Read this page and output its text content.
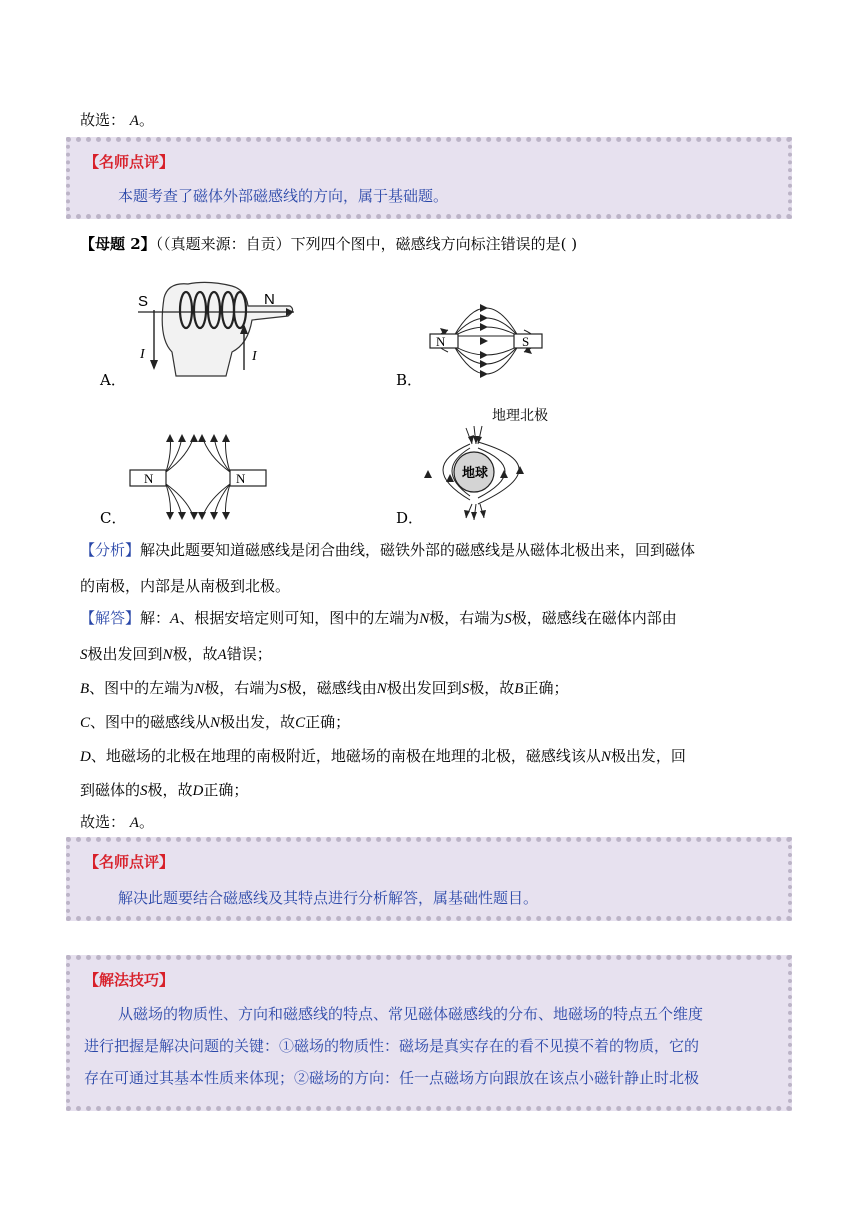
故选： A。
【名师点评】
本题考查了磁体外部磁感线的方向，属于基础题。
【母题 2】（（真题来源：自贡）下列四个图中，磁感线方向标注错误的是( )
S	N
I	I
A．
N	S
B．
N	N
C．
地理北极
地球
D．
【分析】解决此题要知道磁感线是闭合曲线，磁铁外部的磁感线是从磁体北极出来，回到磁体
的南极，内部是从南极到北极。
【解答】解：A、根据安培定则可知，图中的左端为N极，右端为S极，磁感线在磁体内部由
S极出发回到N极，故A错误；
B、图中的左端为N极，右端为S极，磁感线由N极出发回到S极，故B正确；
C、图中的磁感线从N极出发，故C正确；
D、地磁场的北极在地理的南极附近，地磁场的南极在地理的北极，磁感线该从N极出发，回
到磁体的S极，故D正确；
故选： A。
【名师点评】
解决此题要结合磁感线及其特点进行分析解答，属基础性题目。
【解法技巧】
从磁场的物质性、方向和磁感线的特点、常见磁体磁感线的分布、地磁场的特点五个维度
进行把握是解决问题的关键：①磁场的物质性：磁场是真实存在的看不见摸不着的物质，它的
存在可通过其基本性质来体现；②磁场的方向：任一点磁场方向跟放在该点小磁针静止时北极
